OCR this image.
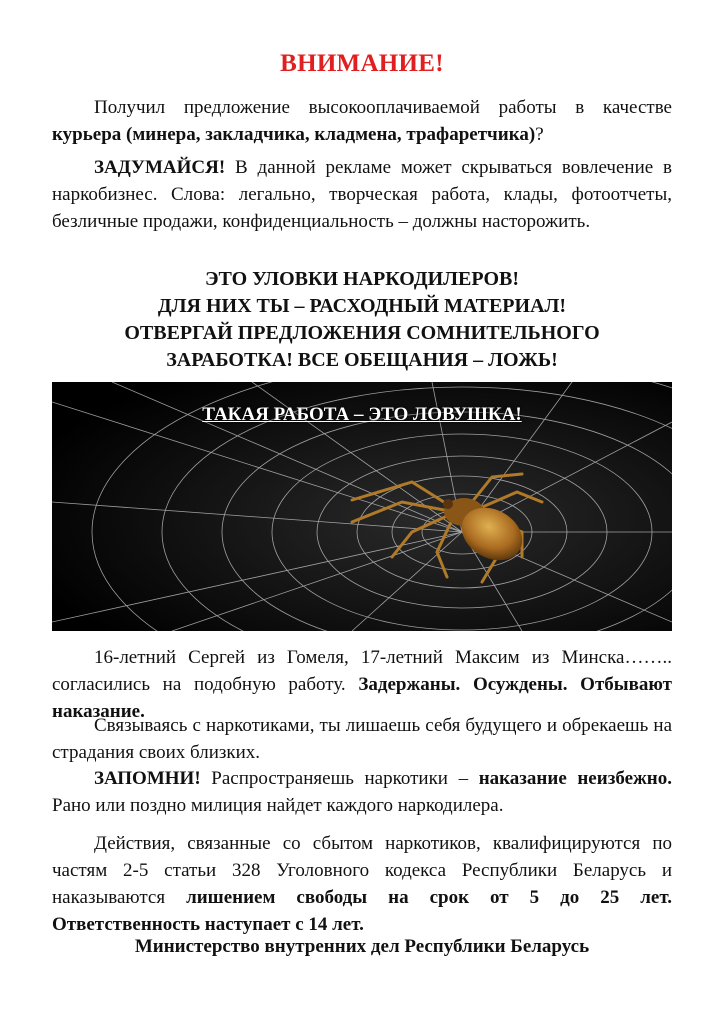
ВНИМАНИЕ!

Получил предложение высокооплачиваемой работы в качестве курьера (минера, закладчика, кладмена, трафаретчика)?

ЗАДУМАЙСЯ! В данной рекламе может скрываться вовлечение в наркобизнес. Слова: легально, творческая работа, клады, фотоотчеты, безличные продажи, конфиденциальность – должны насторожить.

ЭТО УЛОВКИ НАРКОДИЛЕРОВ!
ДЛЯ НИХ ТЫ – РАСХОДНЫЙ МАТЕРИАЛ!
ОТВЕРГАЙ ПРЕДЛОЖЕНИЯ СОМНИТЕЛЬНОГО
ЗАРАБОТКА! ВСЕ ОБЕЩАНИЯ – ЛОЖЬ!
ТАКАЯ РАБОТА – ЭТО ЛОВУШКА!

16-летний Сергей из Гомеля, 17-летний Максим из Минска…….. согласились на подобную работу. Задержаны. Осуждены. Отбывают наказание.

Связываясь с наркотиками, ты лишаешь себя будущего и обрекаешь на страдания своих близких.

ЗАПОМНИ! Распространяешь наркотики – наказание неизбежно. Рано или поздно милиция найдет каждого наркодилера.

Действия, связанные со сбытом наркотиков, квалифицируются по частям 2-5 статьи 328 Уголовного кодекса Республики Беларусь и наказываются лишением свободы на срок от 5 до 25 лет. Ответственность наступает с 14 лет.

Министерство внутренних дел Республики Беларусь
